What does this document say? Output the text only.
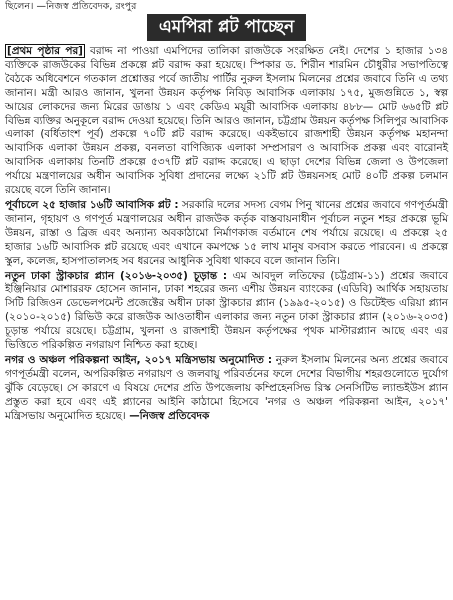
ছিলেন। —নিজস্ব প্রতিবেদক, রংপুর
এমপিরা প্লট পাচ্ছেন

[প্রথম পৃষ্ঠার পর] বরাদ্দ না পাওয়া এমপিদের তালিকা রাজউকে সংরক্ষিত নেই। দেশের ১ হাজার ১৩৪ ব্যক্তিকে রাজউকের বিভিন্ন প্রকল্পে প্লট বরাদ্দ করা হয়েছে। স্পিকার ড. শিরীন শারমিন চৌধুরীর সভাপতিত্বে বৈঠকে অধিবেশনে গতকাল প্রশ্নোত্তর পর্বে জাতীয় পার্টির নুরুল ইসলাম মিলনের প্রশ্নের জবাবে তিনি এ তথ্য জানান। মন্ত্রী আরও জানান, খুলনা উন্নয়ন কর্তৃপক্ষ নিবিড় আবাসিক এলাকায় ১৭৫, মুজগুন্নিতে ১, স্বল্প আয়ের লোকদের জন্য মিরের ডাঙায় ১ এবং কেডিএ ময়ূরী আবাসিক এলাকায় ৪৮৮— মোট ৬৬৫টি প্লট বিভিন্ন ব্যক্তির অনুকূলে বরাদ্দ দেওয়া হয়েছে। তিনি আরও জানান, চট্টগ্রাম উন্নয়ন কর্তৃপক্ষ সিলিপুর আবাসিক এলাকা (বর্ধিতাংশ পূর্ব) প্রকল্পে ৭০টি প্লট বরাদ্দ করেছে। একইভাবে রাজশাহী উন্নয়ন কর্তৃপক্ষ মহানন্দা আবাসিক এলাকা উন্নয়ন প্রকল্প, বনলতা বাণিজ্যিক এলাকা সম্প্রসারণ ও আবাসিক প্রকল্প এবং বারোনই আবাসিক এলাকায় তিনটি প্রকল্পে ৫৩৭টি প্লট বরাদ্দ করেছে। এ ছাড়া দেশের বিভিন্ন জেলা ও উপজেলা পর্যায়ে মন্ত্রণালয়ের অধীন আবাসিক সুবিধা প্রদানের লক্ষ্যে ২১টি প্লট উন্নয়নসহ মোট ৪০টি প্রকল্প চলমান রয়েছে বলে তিনি জানান।

পূর্বাচলে ২৫ হাজার ১৬টি আবাসিক প্লট : সরকারি দলের সদস্য বেগম পিনু খানের প্রশ্নের জবাবে গণপূর্তমন্ত্রী জানান, গৃহায়ণ ও গণপূর্ত মন্ত্রণালয়ের অধীন রাজউক কর্তৃক বাস্তবায়নাধীন পূর্বাচল নতুন শহর প্রকল্পে ভূমি উন্নয়ন, রাস্তা ও ব্রিজ এবং অন্যান্য অবকাঠামো নির্মাণকাজ বর্তমানে শেষ পর্যায়ে রয়েছে। এ প্রকল্পে ২৫ হাজার ১৬টি আবাসিক প্লট রয়েছে এবং এখানে কমপক্ষে ১৫ লাখ মানুষ বসবাস করতে পারবেন। এ প্রকল্পে স্কুল, কলেজ, হাসপাতালসহ সব ধরনের আধুনিক সুবিধা থাকবে বলে জানান তিনি।

নতুন ঢাকা স্ট্রাকচার প্ল্যান (২০১৬-২০৩৫) চূড়ান্ত : এম আবদুল লতিফের (চট্টগ্রাম-১১) প্রশ্নের জবাবে ইঞ্জিনিয়ার মোশাররফ হোসেন জানান, ঢাকা শহরের জন্য এশীয় উন্নয়ন ব্যাংকের (এডিবি) আর্থিক সহায়তায় সিটি রিজিওন ডেভেলপমেন্ট প্রজেক্টের অধীন ঢাকা স্ট্রাকচার প্ল্যান (১৯৯৫-২০১৫) ও ডিটেইল্ড এরিয়া প্ল্যান (২০১০-২০১৫) রিভিউ করে রাজউক আওতাধীন এলাকার জন্য নতুন ঢাকা স্ট্রাকচার প্ল্যান (২০১৬-২০৩৫) চূড়ান্ত পর্যায়ে রয়েছে। চট্টগ্রাম, খুলনা ও রাজশাহী উন্নয়ন কর্তৃপক্ষের পৃথক মাস্টারপ্ল্যান আছে এবং এর ভিত্তিতে পরিকল্পিত নগরায়ণ নিশ্চিত করা হচ্ছে।

নগর ও অঞ্চল পরিকল্পনা আইন, ২০১৭ মন্ত্রিসভায় অনুমোদিত : নুরুল ইসলাম মিলনের অন্য প্রশ্নের জবাবে গণপূর্তমন্ত্রী বলেন, অপরিকল্পিত নগরায়ণ ও জলবায়ু পরিবর্তনের ফলে দেশের বিভাগীয় শহরগুলোতে দুর্যোগ ঝুঁকি বেড়েছে। সে কারণে এ বিষয়ে দেশের প্রতি উপজেলায় কম্প্রিহেনসিভ রিস্ক সেনসিটিভ ল্যান্ডইউস প্ল্যান প্রস্তুত করা হবে এবং এই প্ল্যানের আইনি কাঠামো হিসেবে 'নগর ও অঞ্চল পরিকল্পনা আইন, ২০১৭' মন্ত্রিসভায় অনুমোদিত হয়েছে। —নিজস্ব প্রতিবেদক
